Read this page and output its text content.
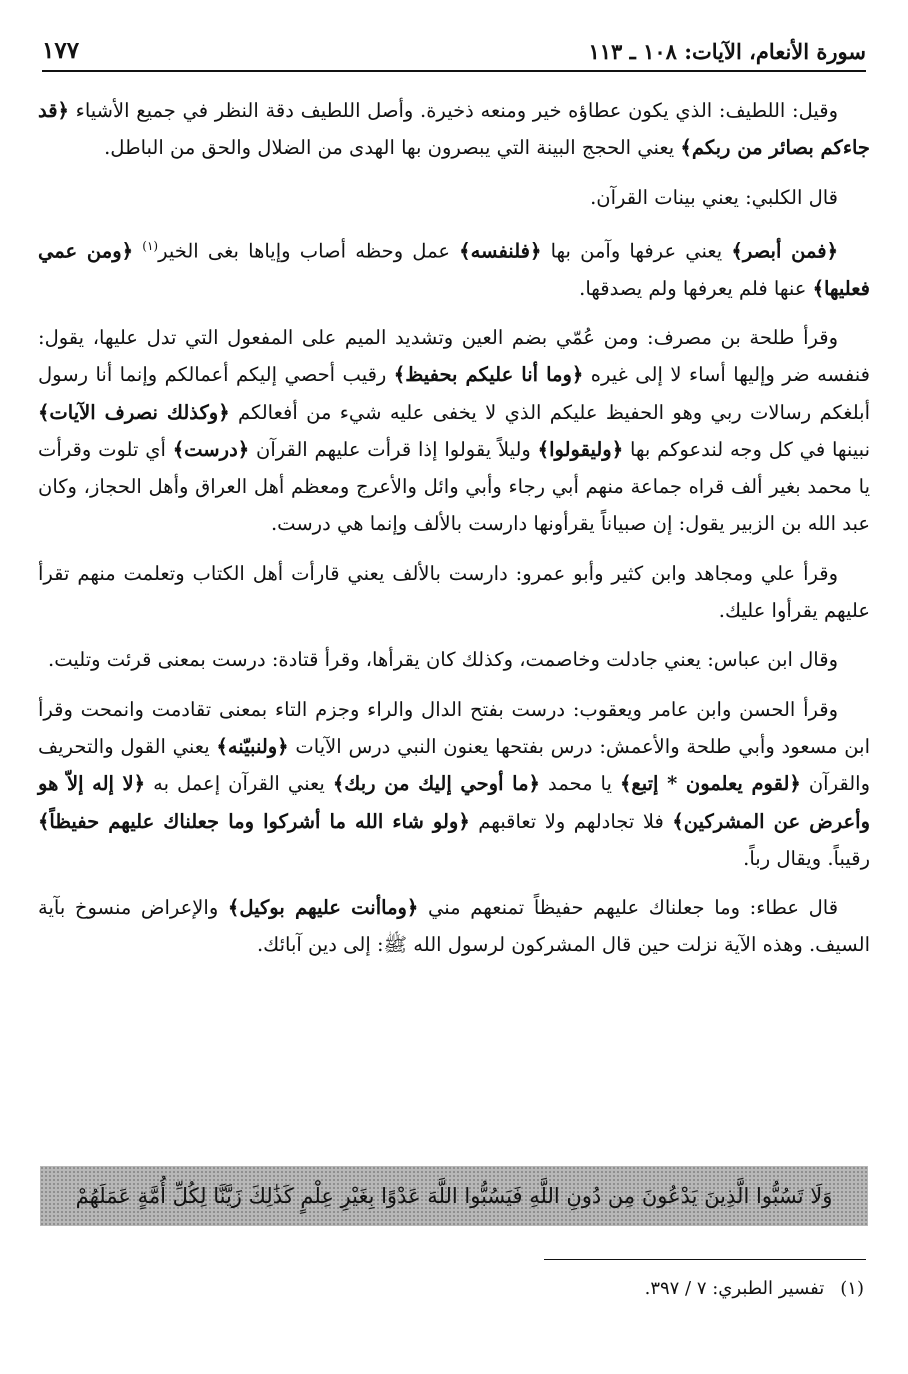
سورة الأنعام، الآيات: ١٠٨ ـ ١١٣
١٧٧

وقيل: اللطيف: الذي يكون عطاؤه خير ومنعه ذخيرة. وأصل اللطيف دقة النظر في جميع الأشياء ﴿قد جاءكم بصائر من ربكم﴾ يعني الحجج البينة التي يبصرون بها الهدى من الضلال والحق من الباطل.

قال الكلبي: يعني بينات القرآن.

﴿فمن أبصر﴾ يعني عرفها وآمن بها ﴿فلنفسه﴾ عمل وحظه أصاب وإياها بغى الخير$^{(١)}$ ﴿ومن عمي فعليها﴾ عنها فلم يعرفها ولم يصدقها.

وقرأ طلحة بن مصرف: ومن عُمّي بضم العين وتشديد الميم على المفعول التي تدل عليها، يقول: فنفسه ضر وإليها أساء لا إلى غيره ﴿وما أنا عليكم بحفيظ﴾ رقيب أحصي إليكم أعمالكم وإنما أنا رسول أبلغكم رسالات ربي وهو الحفيظ عليكم الذي لا يخفى عليه شيء من أفعالكم ﴿وكذلك نصرف الآيات﴾ نبينها في كل وجه لندعوكم بها ﴿وليقولوا﴾ وليلاً يقولوا إذا قرأت عليهم القرآن ﴿درست﴾ أي تلوت وقرأت يا محمد بغير ألف قراه جماعة منهم أبي رجاء وأبي وائل والأعرج ومعظم أهل العراق وأهل الحجاز، وكان عبد الله بن الزبير يقول: إن صبياناً يقرأونها دارست بالألف وإنما هي درست.

وقرأ علي ومجاهد وابن كثير وأبو عمرو: دارست بالألف يعني قارأت أهل الكتاب وتعلمت منهم تقرأ عليهم يقرأوا عليك.

وقال ابن عباس: يعني جادلت وخاصمت، وكذلك كان يقرأها، وقرأ قتادة: درست بمعنى قرئت وتليت.

وقرأ الحسن وابن عامر ويعقوب: درست بفتح الدال والراء وجزم التاء بمعنى تقادمت وانمحت وقرأ ابن مسعود وأبي طلحة والأعمش: درس بفتحها يعنون النبي درس الآيات ﴿ولنبيّنه﴾ يعني القول والتحريف والقرآن ﴿لقوم يعلمون * إتبع﴾ يا محمد ﴿ما أوحي إليك من ربك﴾ يعني القرآن إعمل به ﴿لا إله إلاّ هو وأعرض عن المشركين﴾ فلا تجادلهم ولا تعاقبهم ﴿ولو شاء الله ما أشركوا وما جعلناك عليهم حفيظاً﴾ رقيباً. ويقال رباً.

قال عطاء: وما جعلناك عليهم حفيظاً تمنعهم مني ﴿وماأنت عليهم بوكيل﴾ والإعراض منسوخ بآية السيف. وهذه الآية نزلت حين قال المشركون لرسول الله ﷺ: إلى دين آبائك.

وَلَا تَسُبُّوا الَّذِينَ يَدْعُونَ مِن دُونِ اللَّهِ فَيَسُبُّوا اللَّهَ عَدْوًا بِغَيْرِ عِلْمٍ كَذَٰلِكَ زَيَّنَّا لِكُلِّ أُمَّةٍ عَمَلَهُمْ
(١)
تفسير الطبري: ٧ / ٣٩٧.
